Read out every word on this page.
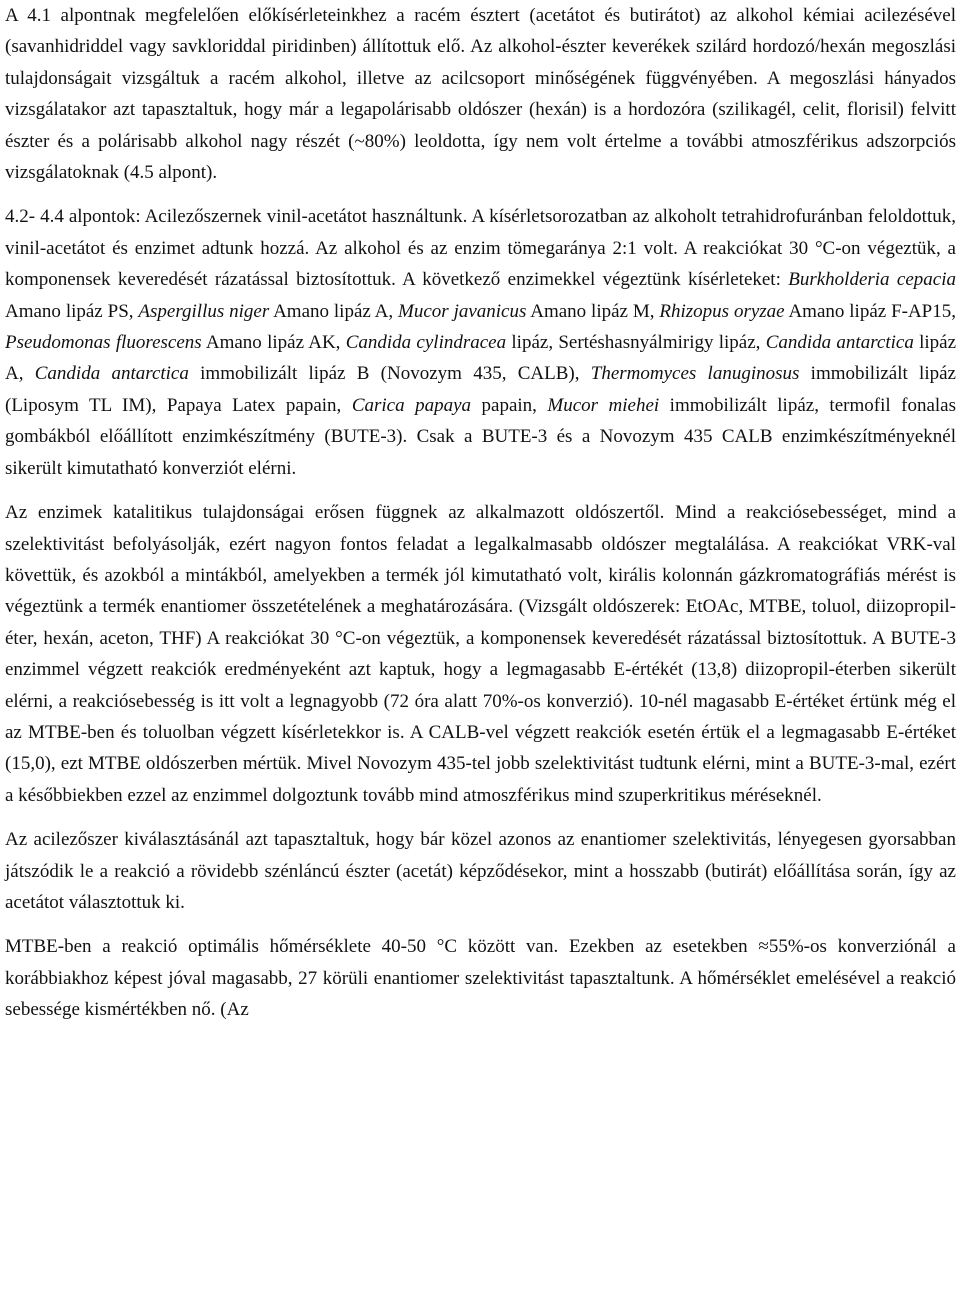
A 4.1 alpontnak megfelelően előkísérleteinkhez a racém észtert (acetátot és butirátot) az alkohol kémiai acilezésével (savanhidriddel vagy savkloriddal piridinben) állítottuk elő. Az alkohol-észter keverékek szilárd hordozó/hexán megoszlási tulajdonságait vizsgáltuk a racém alkohol, illetve az acilcsoport minőségének függvényében. A megoszlási hányados vizsgálatakor azt tapasztaltuk, hogy már a legapolárisabb oldószer (hexán) is a hordozóra (szilikagél, celit, florisil) felvitt észter és a polárisabb alkohol nagy részét (~80%) leoldotta, így nem volt értelme a további atmoszférikus adszorpciós vizsgálatoknak (4.5 alpont).

4.2- 4.4 alpontok: Acilezőszernek vinil-acetátot használtunk. A kísérletsorozatban az alkoholt tetrahidrofuránban feloldottuk, vinil-acetátot és enzimet adtunk hozzá. Az alkohol és az enzim tömegaránya 2:1 volt. A reakciókat 30 °C-on végeztük, a komponensek keveredését rázatással biztosítottuk. A következő enzimekkel végeztünk kísérleteket: Burkholderia cepacia Amano lipáz PS, Aspergillus niger Amano lipáz A, Mucor javanicus Amano lipáz M, Rhizopus oryzae Amano lipáz F-AP15, Pseudomonas fluorescens Amano lipáz AK, Candida cylindracea lipáz, Sertéshasnyálmirigy lipáz, Candida antarctica lipáz A, Candida antarctica immobilizált lipáz B (Novozym 435, CALB), Thermomyces lanuginosus immobilizált lipáz (Liposym TL IM), Papaya Latex papain, Carica papaya papain, Mucor miehei immobilizált lipáz, termofil fonalas gombákból előállított enzimkészítmény (BUTE-3). Csak a BUTE-3 és a Novozym 435 CALB enzimkészítményeknél sikerült kimutatható konverziót elérni.

Az enzimek katalitikus tulajdonságai erősen függnek az alkalmazott oldószertől. Mind a reakciósebességet, mind a szelektivitást befolyásolják, ezért nagyon fontos feladat a legalkalmasabb oldószer megtalálása. A reakciókat VRK-val követtük, és azokból a mintákból, amelyekben a termék jól kimutatható volt, királis kolonnán gázkromatográfiás mérést is végeztünk a termék enantiomer összetételének a meghatározására. (Vizsgált oldószerek: EtOAc, MTBE, toluol, diizopropil-éter, hexán, aceton, THF) A reakciókat 30 °C-on végeztük, a komponensek keveredését rázatással biztosítottuk. A BUTE-3 enzimmel végzett reakciók eredményeként azt kaptuk, hogy a legmagasabb E-értékét (13,8) diizopropil-éterben sikerült elérni, a reakciósebesség is itt volt a legnagyobb (72 óra alatt 70%-os konverzió). 10-nél magasabb E-értéket értünk még el az MTBE-ben és toluolban végzett kísérletekkor is. A CALB-vel végzett reakciók esetén értük el a legmagasabb E-értéket (15,0), ezt MTBE oldószerben mértük. Mivel Novozym 435-tel jobb szelektivitást tudtunk elérni, mint a BUTE-3-mal, ezért a későbbiekben ezzel az enzimmel dolgoztunk tovább mind atmoszférikus mind szuperkritikus méréseknél.

Az acilezőszer kiválasztásánál azt tapasztaltuk, hogy bár közel azonos az enantiomer szelektivitás, lényegesen gyorsabban játszódik le a reakció a rövidebb szénláncú észter (acetát) képződésekor, mint a hosszabb (butirát) előállítása során, így az acetátot választottuk ki.

MTBE-ben a reakció optimális hőmérséklete 40-50 °C között van. Ezekben az esetekben ≈55%-os konverziónál a korábbiakhoz képest jóval magasabb, 27 körüli enantiomer szelektivitást tapasztaltunk. A hőmérséklet emelésével a reakció sebessége kismértékben nő. (Az
